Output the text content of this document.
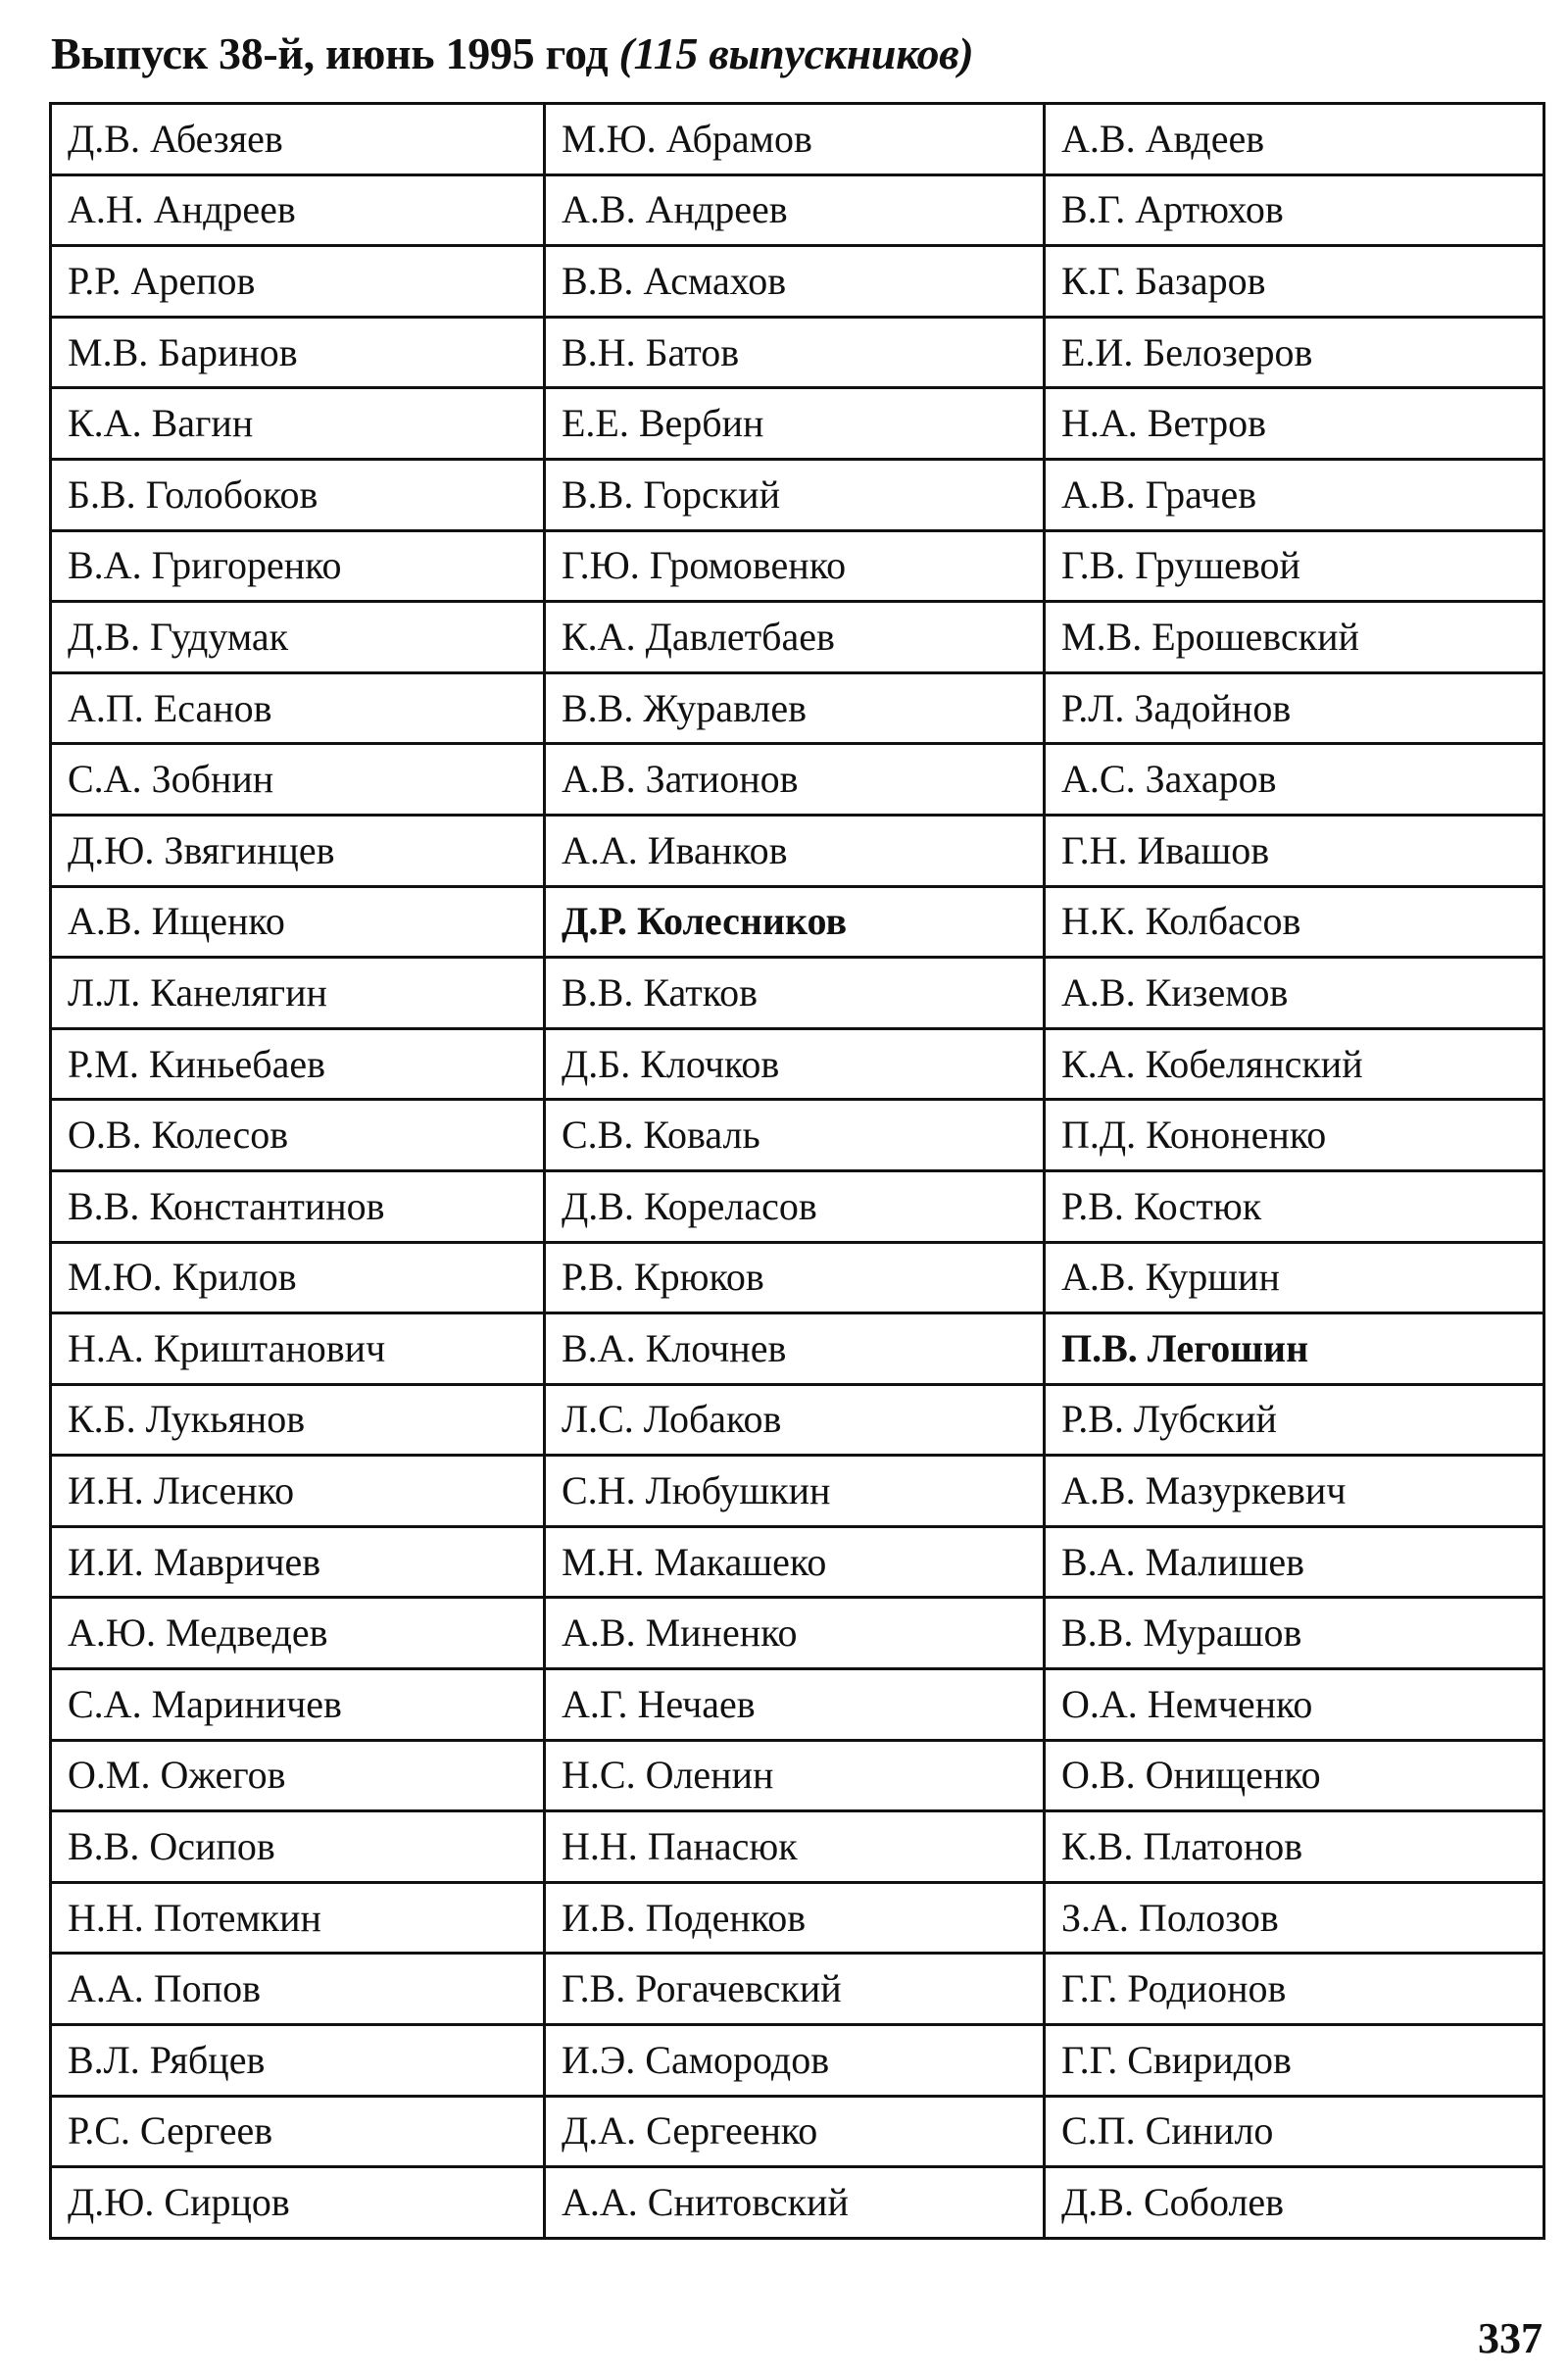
Выпуск 38-й, июнь 1995 год (115 выпускников)
Д.В. Абезяев	М.Ю. Абрамов	А.В. Авдеев
А.Н. Андреев	А.В. Андреев	В.Г. Артюхов
Р.Р. Арепов	В.В. Асмахов	К.Г. Базаров
М.В. Баринов	В.Н. Батов	Е.И. Белозеров
К.А. Вагин	Е.Е. Вербин	Н.А. Ветров
Б.В. Голобоков	В.В. Горский	А.В. Грачев
В.А. Григоренко	Г.Ю. Громовенко	Г.В. Грушевой
Д.В. Гудумак	К.А. Давлетбаев	М.В. Ерошевский
А.П. Есанов	В.В. Журавлев	Р.Л. Задойнов
С.А. Зобнин	А.В. Затионов	А.С. Захаров
Д.Ю. Звягинцев	А.А. Иванков	Г.Н. Ивашов
А.В. Ищенко	Д.Р. Колесников	Н.К. Колбасов
Л.Л. Канелягин	В.В. Катков	А.В. Киземов
Р.М. Киньебаев	Д.Б. Клочков	К.А. Кобелянский
О.В. Колесов	С.В. Коваль	П.Д. Кононенко
В.В. Константинов	Д.В. Корелaсов	Р.В. Костюк
М.Ю. Крилов	Р.В. Крюков	А.В. Куршин
Н.А. Криштанович	В.А. Клочнев	П.В. Легошин
К.Б. Лукьянов	Л.С. Лобаков	Р.В. Лубский
И.Н. Лисенко	С.Н. Любушкин	А.В. Мазуркевич
И.И. Мавричев	М.Н. Макашеко	В.А. Малишев
А.Ю. Медведев	А.В. Миненко	В.В. Мурашов
С.А. Мариничев	А.Г. Нечаев	О.А. Немченко
О.М. Ожегов	Н.С. Оленин	О.В. Онищенко
В.В. Осипов	Н.Н. Панасюк	К.В. Платонов
Н.Н. Потемкин	И.В. Поденков	З.А. Полозов
А.А. Попов	Г.В. Рогачевский	Г.Г. Родионов
В.Л. Рябцев	И.Э. Самородов	Г.Г. Свиридов
Р.С. Сергеев	Д.А. Сергеенко	С.П. Синило
Д.Ю. Сирцов	А.А. Снитовский	Д.В. Соболев
337
